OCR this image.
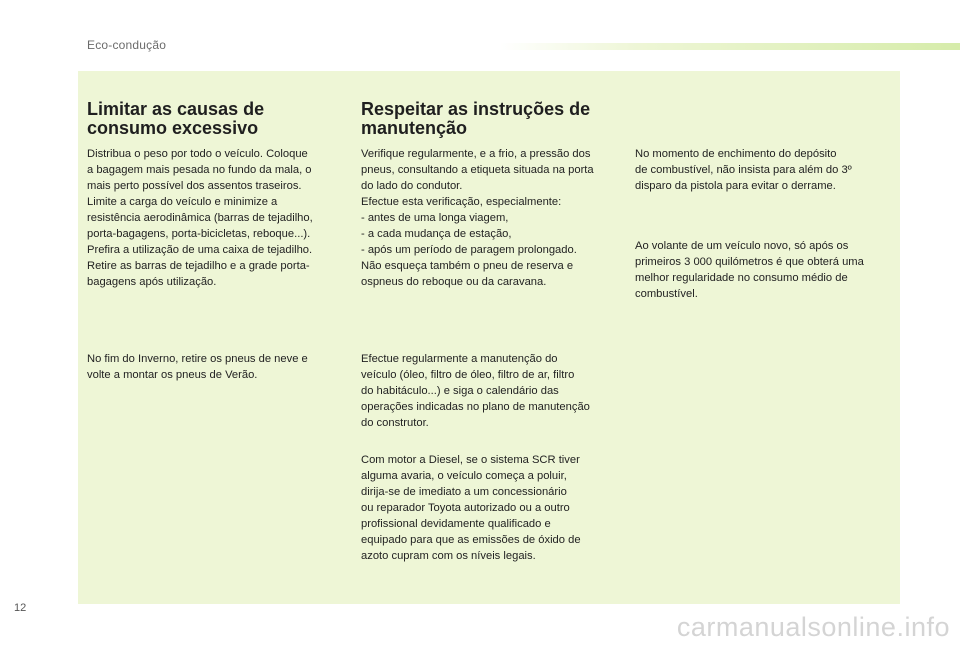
Eco-condução
Limitar as causas de
consumo excessivo

Distribua o peso por todo o veículo. Coloque
a bagagem mais pesada no fundo da mala, o
mais perto possível dos assentos traseiros.
Limite a carga do veículo e minimize a
resistência aerodinâmica (barras de tejadilho,
porta-bagagens, porta-bicicletas, reboque...).
Prefira a utilização de uma caixa de tejadilho.
Retire as barras de tejadilho e a grade porta-
bagagens após utilização.

No fim do Inverno, retire os pneus de neve e
volte a montar os pneus de Verão.

Respeitar as instruções de
manutenção

Verifique regularmente, e a frio, a pressão dos
pneus, consultando a etiqueta situada na porta
do lado do condutor.
Efectue esta verificação, especialmente:
- antes de uma longa viagem,
- a cada mudança de estação,
- após um período de paragem prolongado.
Não esqueça também o pneu de reserva e
ospneus do reboque ou da caravana.

Efectue regularmente a manutenção do
veículo (óleo, filtro de óleo, filtro de ar, filtro
do habitáculo...) e siga o calendário das
operações indicadas no plano de manutenção
do construtor.

Com motor a Diesel, se o sistema SCR tiver
alguma avaria, o veículo começa a poluir,
dirija-se de imediato a um concessionário
ou reparador Toyota autorizado ou a outro
profissional devidamente qualificado e
equipado para que as emissões de óxido de
azoto cupram com os níveis legais.

No momento de enchimento do depósito
de combustível, não insista para além do 3º
disparo da pistola para evitar o derrame.

Ao volante de um veículo novo, só após os
primeiros 3 000 quilómetros é que obterá uma
melhor regularidade no consumo médio de
combustível.

12
carmanualsonline.info
